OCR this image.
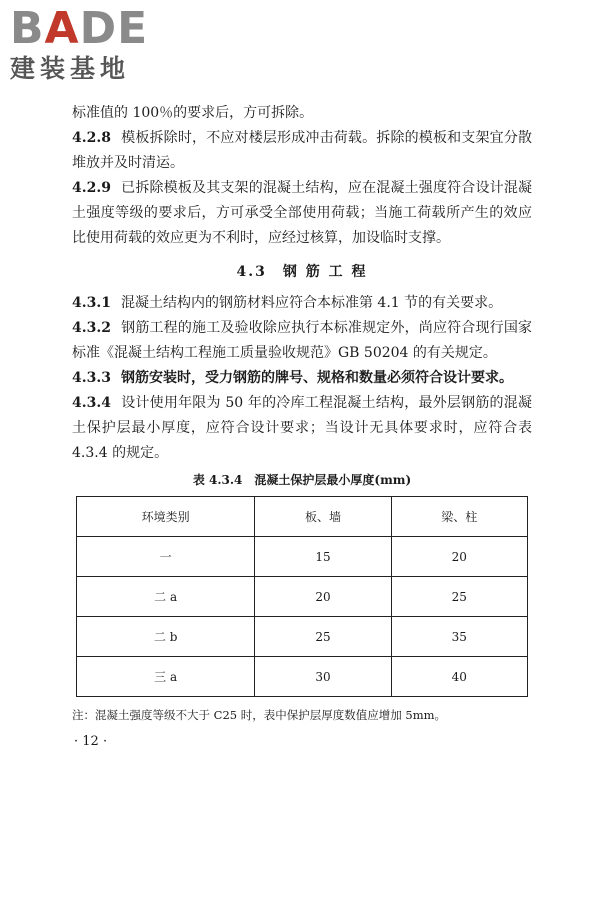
BADE
建装基地

标准值的 100％的要求后，方可拆除。

4.2.8 模板拆除时，不应对楼层形成冲击荷载。拆除的模板和支架宜分散堆放并及时清运。

4.2.9 已拆除模板及其支架的混凝土结构，应在混凝土强度符合设计混凝土强度等级的要求后，方可承受全部使用荷载；当施工荷载所产生的效应比使用荷载的效应更为不利时，应经过核算，加设临时支撑。

4.3　钢 筋 工 程

4.3.1 混凝土结构内的钢筋材料应符合本标准第 4.1 节的有关要求。

4.3.2 钢筋工程的施工及验收除应执行本标准规定外，尚应符合现行国家标准《混凝土结构工程施工质量验收规范》GB 50204 的有关规定。

4.3.3 钢筋安装时，受力钢筋的牌号、规格和数量必须符合设计要求。

4.3.4 设计使用年限为 50 年的冷库工程混凝土结构，最外层钢筋的混凝土保护层最小厚度，应符合设计要求；当设计无具体要求时，应符合表 4.3.4 的规定。

表 4.3.4　混凝土保护层最小厚度(mm)
环境类别	板、墙	梁、柱
一	15	20
二 a	20	25
二 b	25	35
三 a	30	40

注：混凝土强度等级不大于 C25 时，表中保护层厚度数值应增加 5mm。

· 12 ·
